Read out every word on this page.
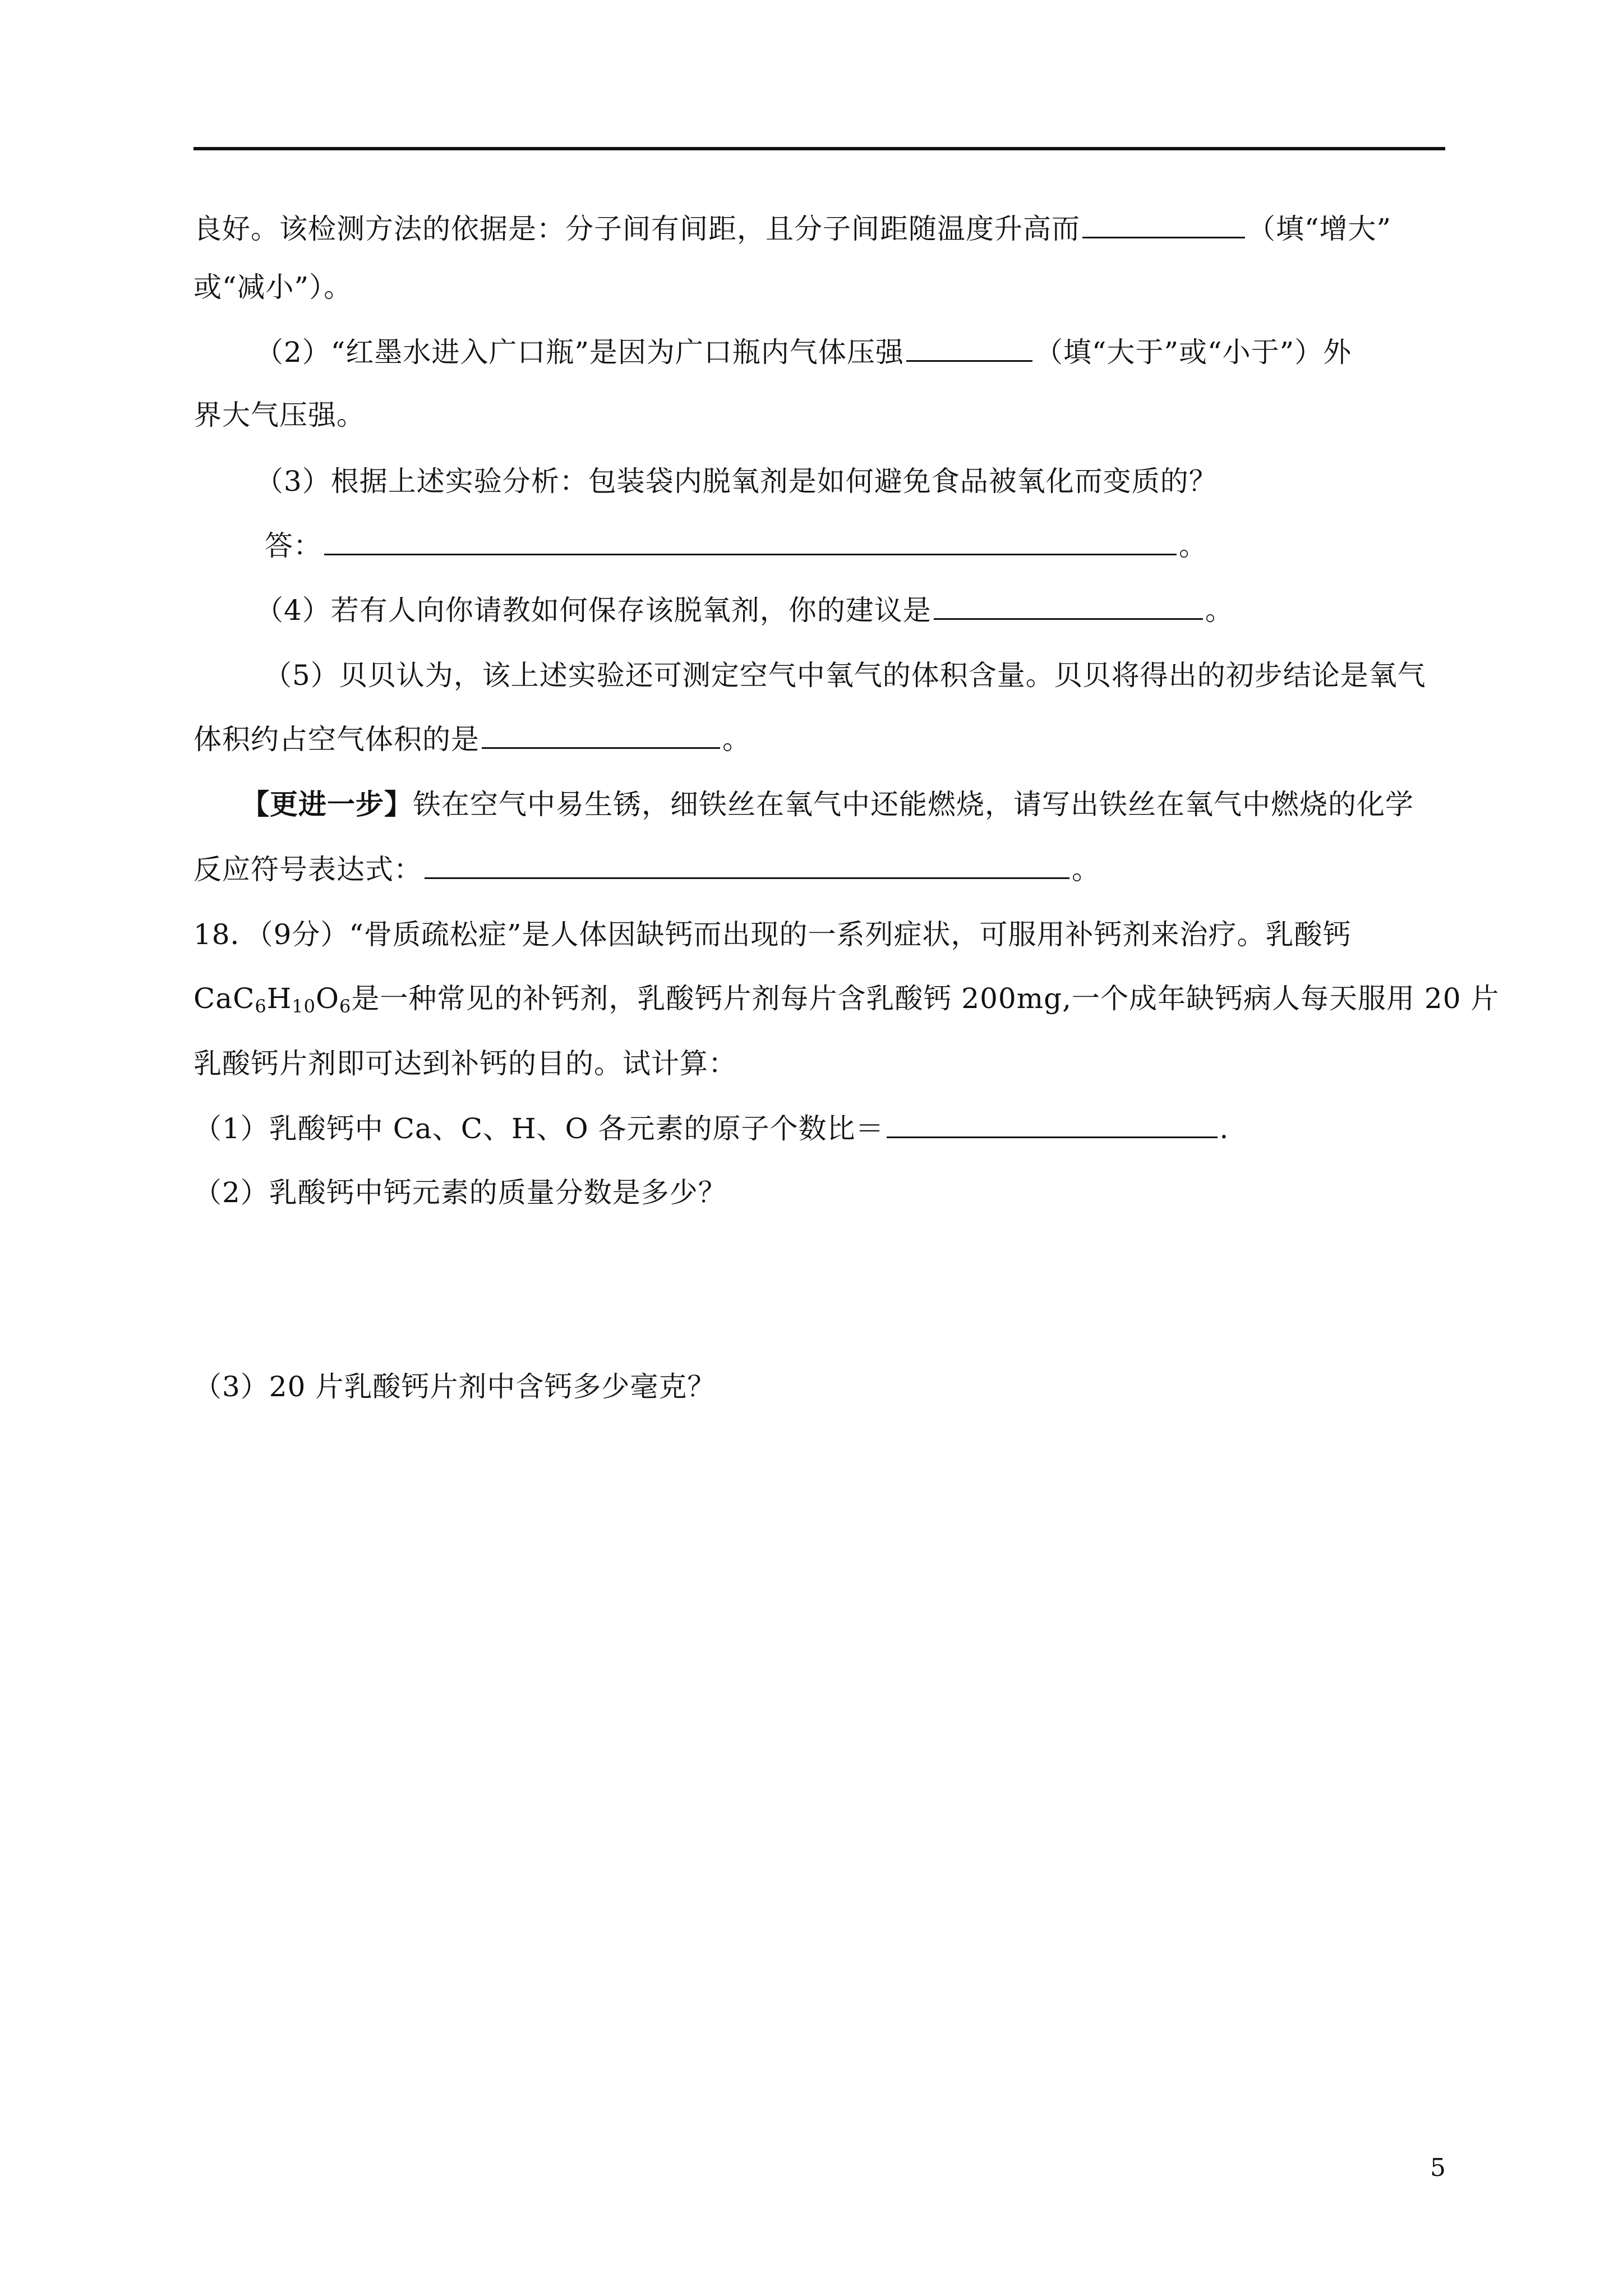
良好。该检测方法的依据是：分子间有间距，且分子间距随温度升高而	（填“增大”
或“减小”）。
（2）“红墨水进入广口瓶”是因为广口瓶内气体压强	（填“大于”或“小于”）外
界大气压强。
（3）根据上述实验分析：包装袋内脱氧剂是如何避免食品被氧化而变质的？
答：	。
（4）若有人向你请教如何保存该脱氧剂，你的建议是	。
（5）贝贝认为，该上述实验还可测定空气中氧气的体积含量。贝贝将得出的初步结论是氧气
体积约占空气体积的是	。
【更进一步】铁在空气中易生锈，细铁丝在氧气中还能燃烧，请写出铁丝在氧气中燃烧的化学
反应符号表达式：	。
18．（9分）“骨质疏松症”是人体因缺钙而出现的一系列症状，可服用补钙剂来治疗。乳酸钙
$CaC_6H_{10}O_6$是一种常见的补钙剂，乳酸钙片剂每片含乳酸钙 200mg,一个成年缺钙病人每天服用 20 片
乳酸钙片剂即可达到补钙的目的。试计算：
（1）乳酸钙中 Ca、C、H、O 各元素的原子个数比＝	.
（2）乳酸钙中钙元素的质量分数是多少？
（3）20 片乳酸钙片剂中含钙多少毫克？
5
